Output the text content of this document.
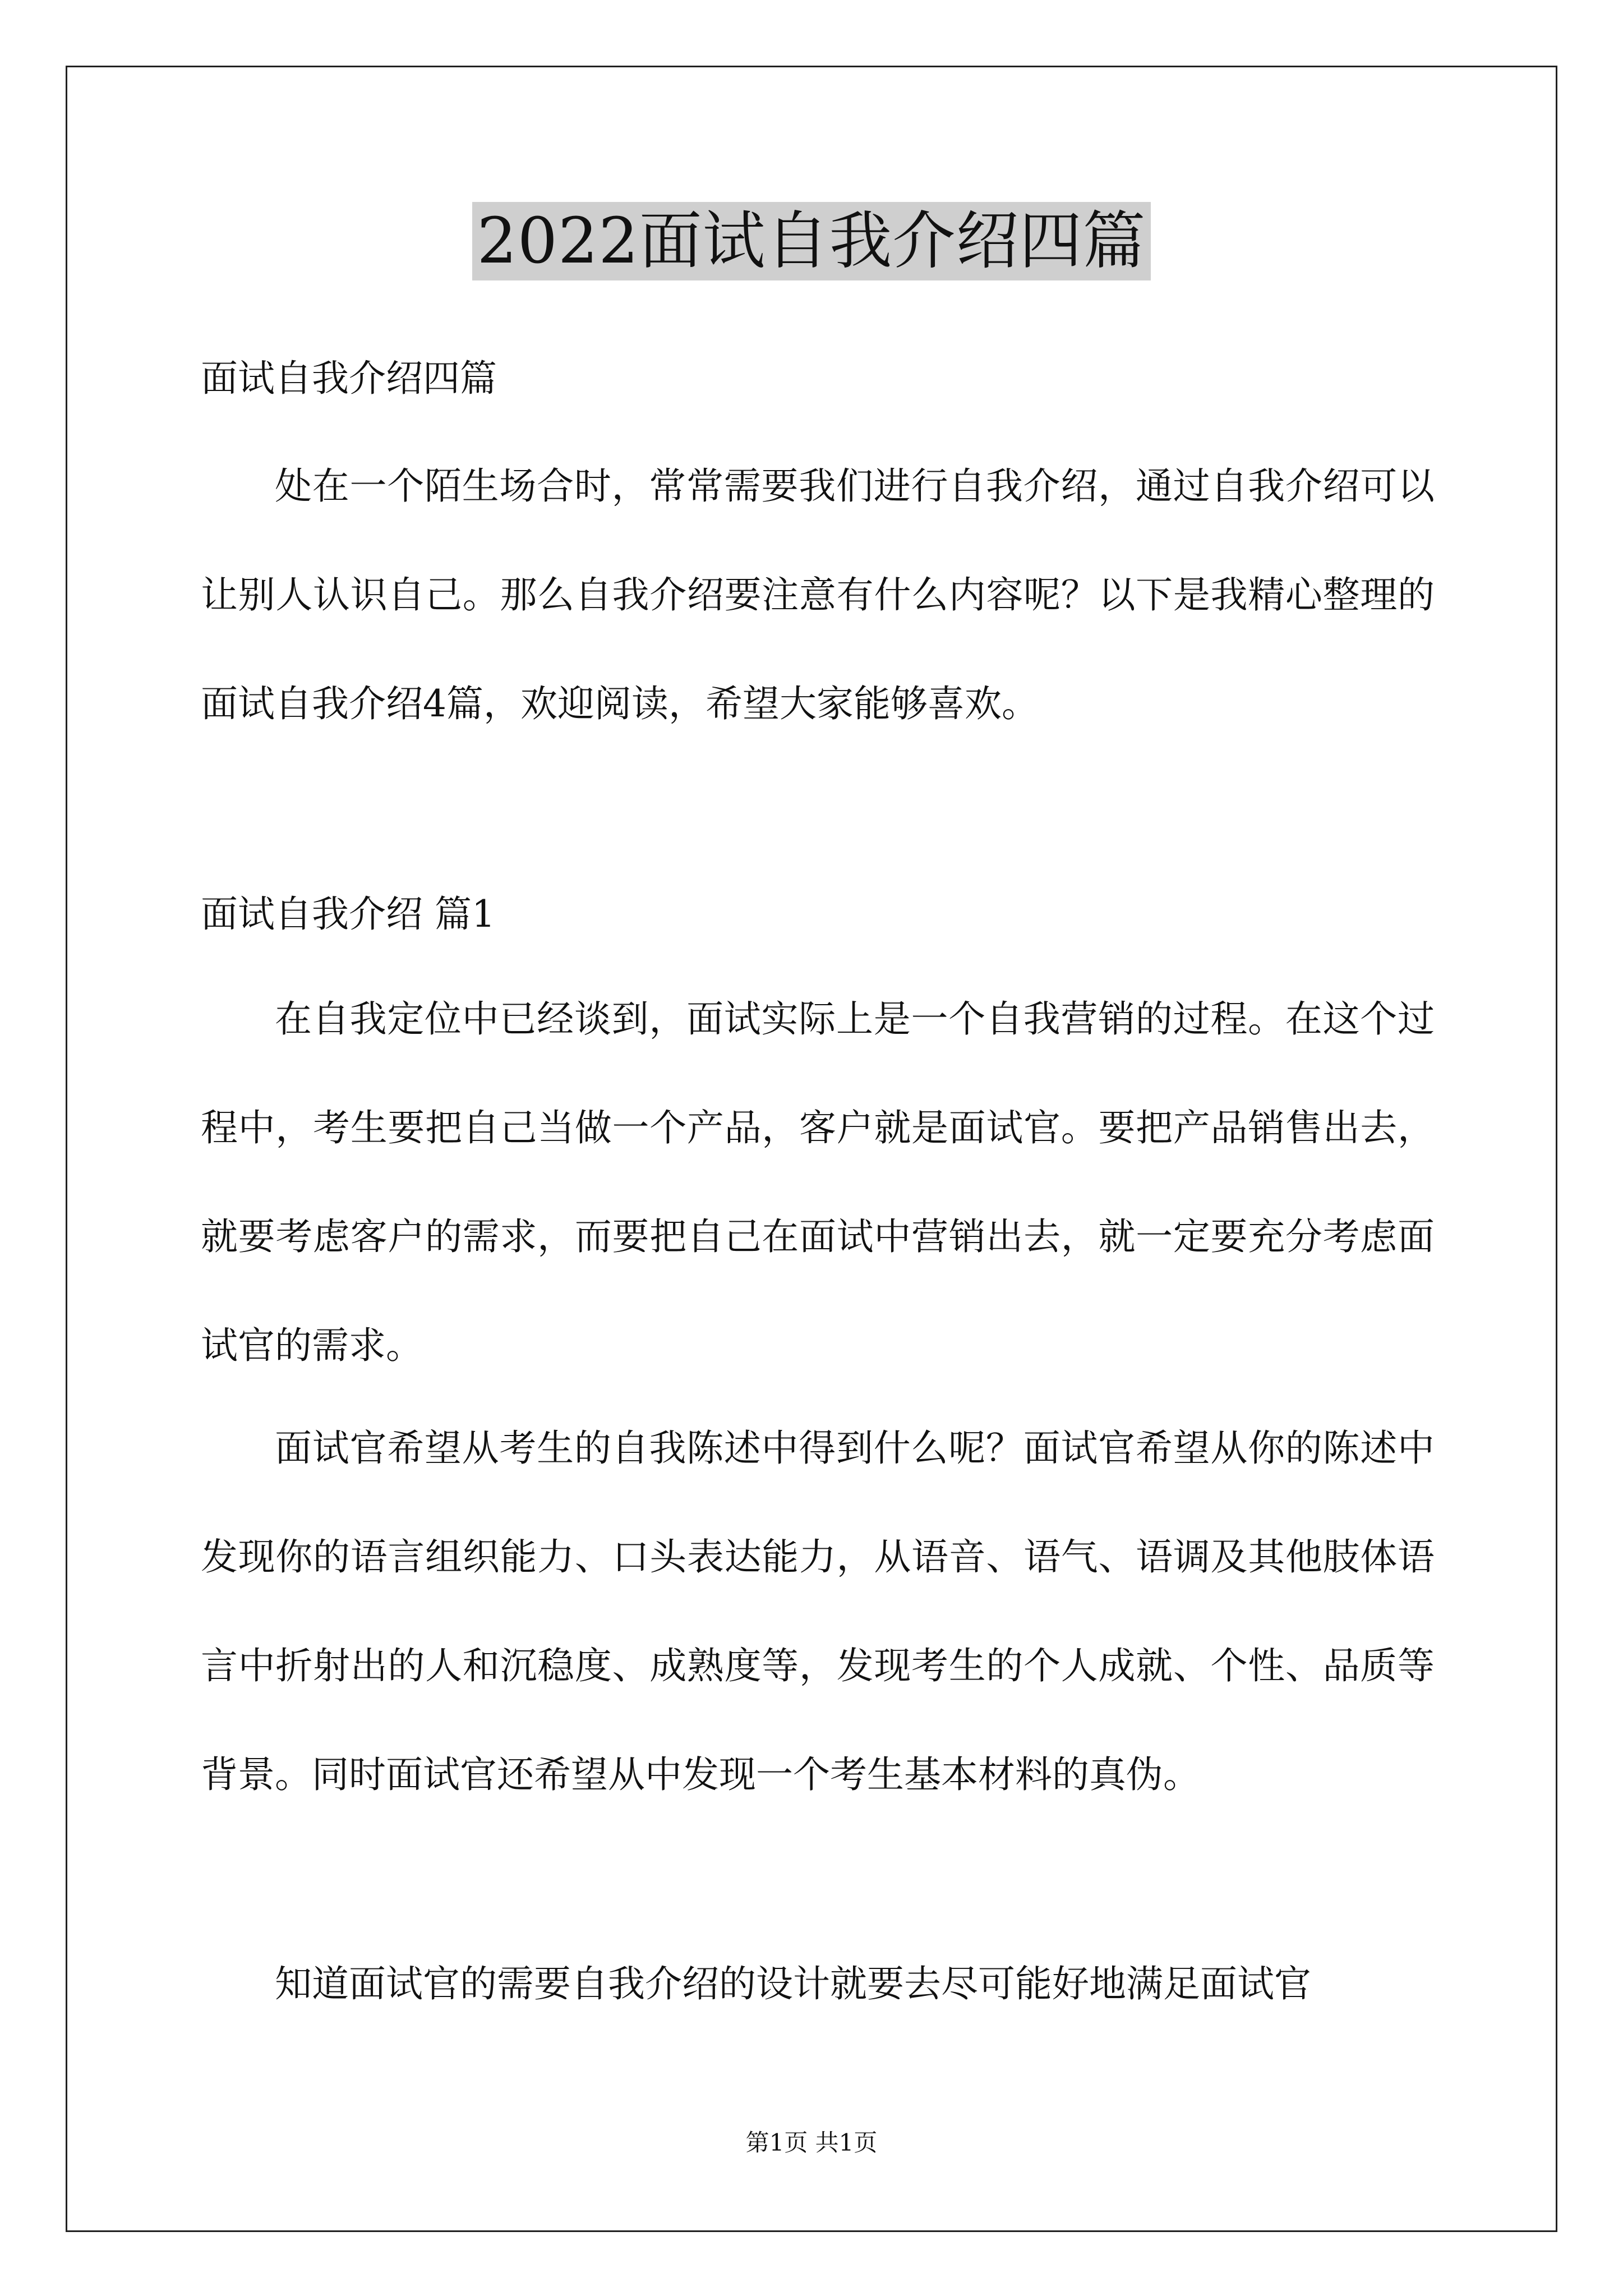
2022面试自我介绍四篇
面试自我介绍四篇

处在一个陌生场合时，常常需要我们进行自我介绍，通过自我介绍可以让别人认识自己。那么自我介绍要注意有什么内容呢？以下是我精心整理的面试自我介绍4篇，欢迎阅读，希望大家能够喜欢。

面试自我介绍 篇1

在自我定位中已经谈到，面试实际上是一个自我营销的过程。在这个过程中，考生要把自己当做一个产品，客户就是面试官。要把产品销售出去，就要考虑客户的需求，而要把自己在面试中营销出去，就一定要充分考虑面试官的需求。

面试官希望从考生的自我陈述中得到什么呢？面试官希望从你的陈述中发现你的语言组织能力、口头表达能力，从语音、语气、语调及其他肢体语言中折射出的人和沉稳度、成熟度等，发现考生的个人成就、个性、品质等背景。同时面试官还希望从中发现一个考生基本材料的真伪。

知道面试官的需要自我介绍的设计就要去尽可能好地满足面试官

第1页 共1页
